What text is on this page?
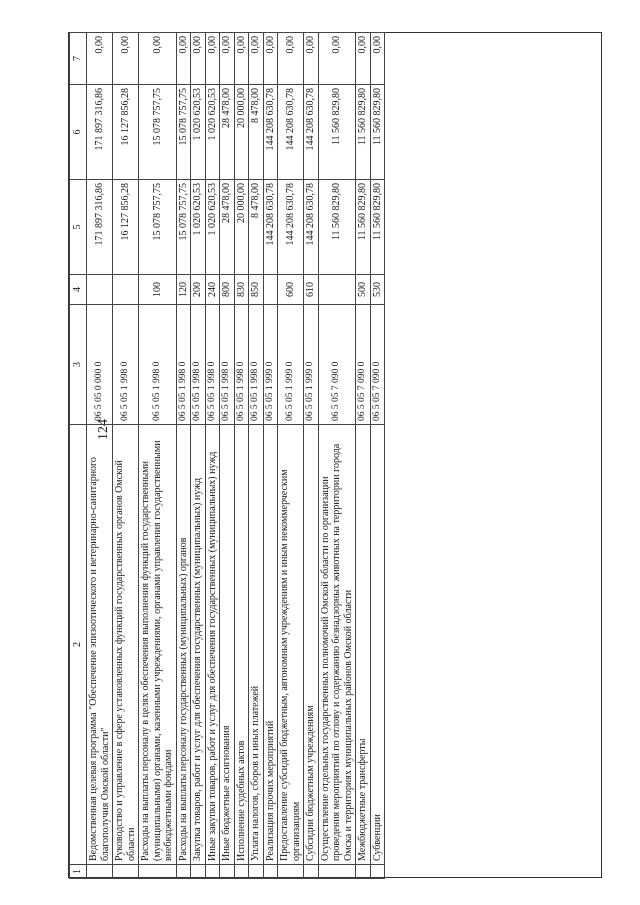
124
1	2	3	4	5	6	7
	Ведомственная целевая программа "Обеспечение эпизоотического и ветеринарно-санитарного благополучия Омской области"	06 5 05 0 000 0		171 897 316,86	171 897 316,86	0,00
	Руководство и управление в сфере установленных функций государственных органов Омской области	06 5 05 1 998 0		16 127 856,28	16 127 856,28	0,00
	Расходы на выплаты персоналу в целях обеспечения выполнения функций государственными (муниципальными) органами, казенными учреждениями, органами управления государственными внебюджетными фондами	06 5 05 1 998 0	100	15 078 757,75	15 078 757,75	0,00
	Расходы на выплаты персоналу государственных (муниципальных) органов	06 5 05 1 998 0	120	15 078 757,75	15 078 757,75	0,00
	Закупка товаров, работ и услуг для обеспечения государственных (муниципальных) нужд	06 5 05 1 998 0	200	1 020 620,53	1 020 620,53	0,00
	Иные закупки товаров, работ и услуг для обеспечения государственных (муниципальных) нужд	06 5 05 1 998 0	240	1 020 620,53	1 020 620,53	0,00
	Иные бюджетные ассигнования	06 5 05 1 998 0	800	28 478,00	28 478,00	0,00
	Исполнение судебных актов	06 5 05 1 998 0	830	20 000,00	20 000,00	0,00
	Уплата налогов, сборов и иных платежей	06 5 05 1 998 0	850	8 478,00	8 478,00	0,00
	Реализация прочих мероприятий	06 5 05 1 999 0		144 208 630,78	144 208 630,78	0,00
	Предоставление субсидий бюджетным, автономным учреждениям и иным некоммерческим организациям	06 5 05 1 999 0	600	144 208 630,78	144 208 630,78	0,00
	Субсидии бюджетным учреждениям	06 5 05 1 999 0	610	144 208 630,78	144 208 630,78	0,00
	Осуществление отдельных государственных полномочий Омской области по организации проведения мероприятий по отлову и содержанию безнадзорных животных на территории города Омска и территориях муниципальных районов Омской области	06 5 05 7 090 0		11 560 829,80	11 560 829,80	0,00
	Межбюджетные трансферты	06 5 05 7 090 0	500	11 560 829,80	11 560 829,80	0,00
	Субвенции	06 5 05 7 090 0	530	11 560 829,80	11 560 829,80	0,00
